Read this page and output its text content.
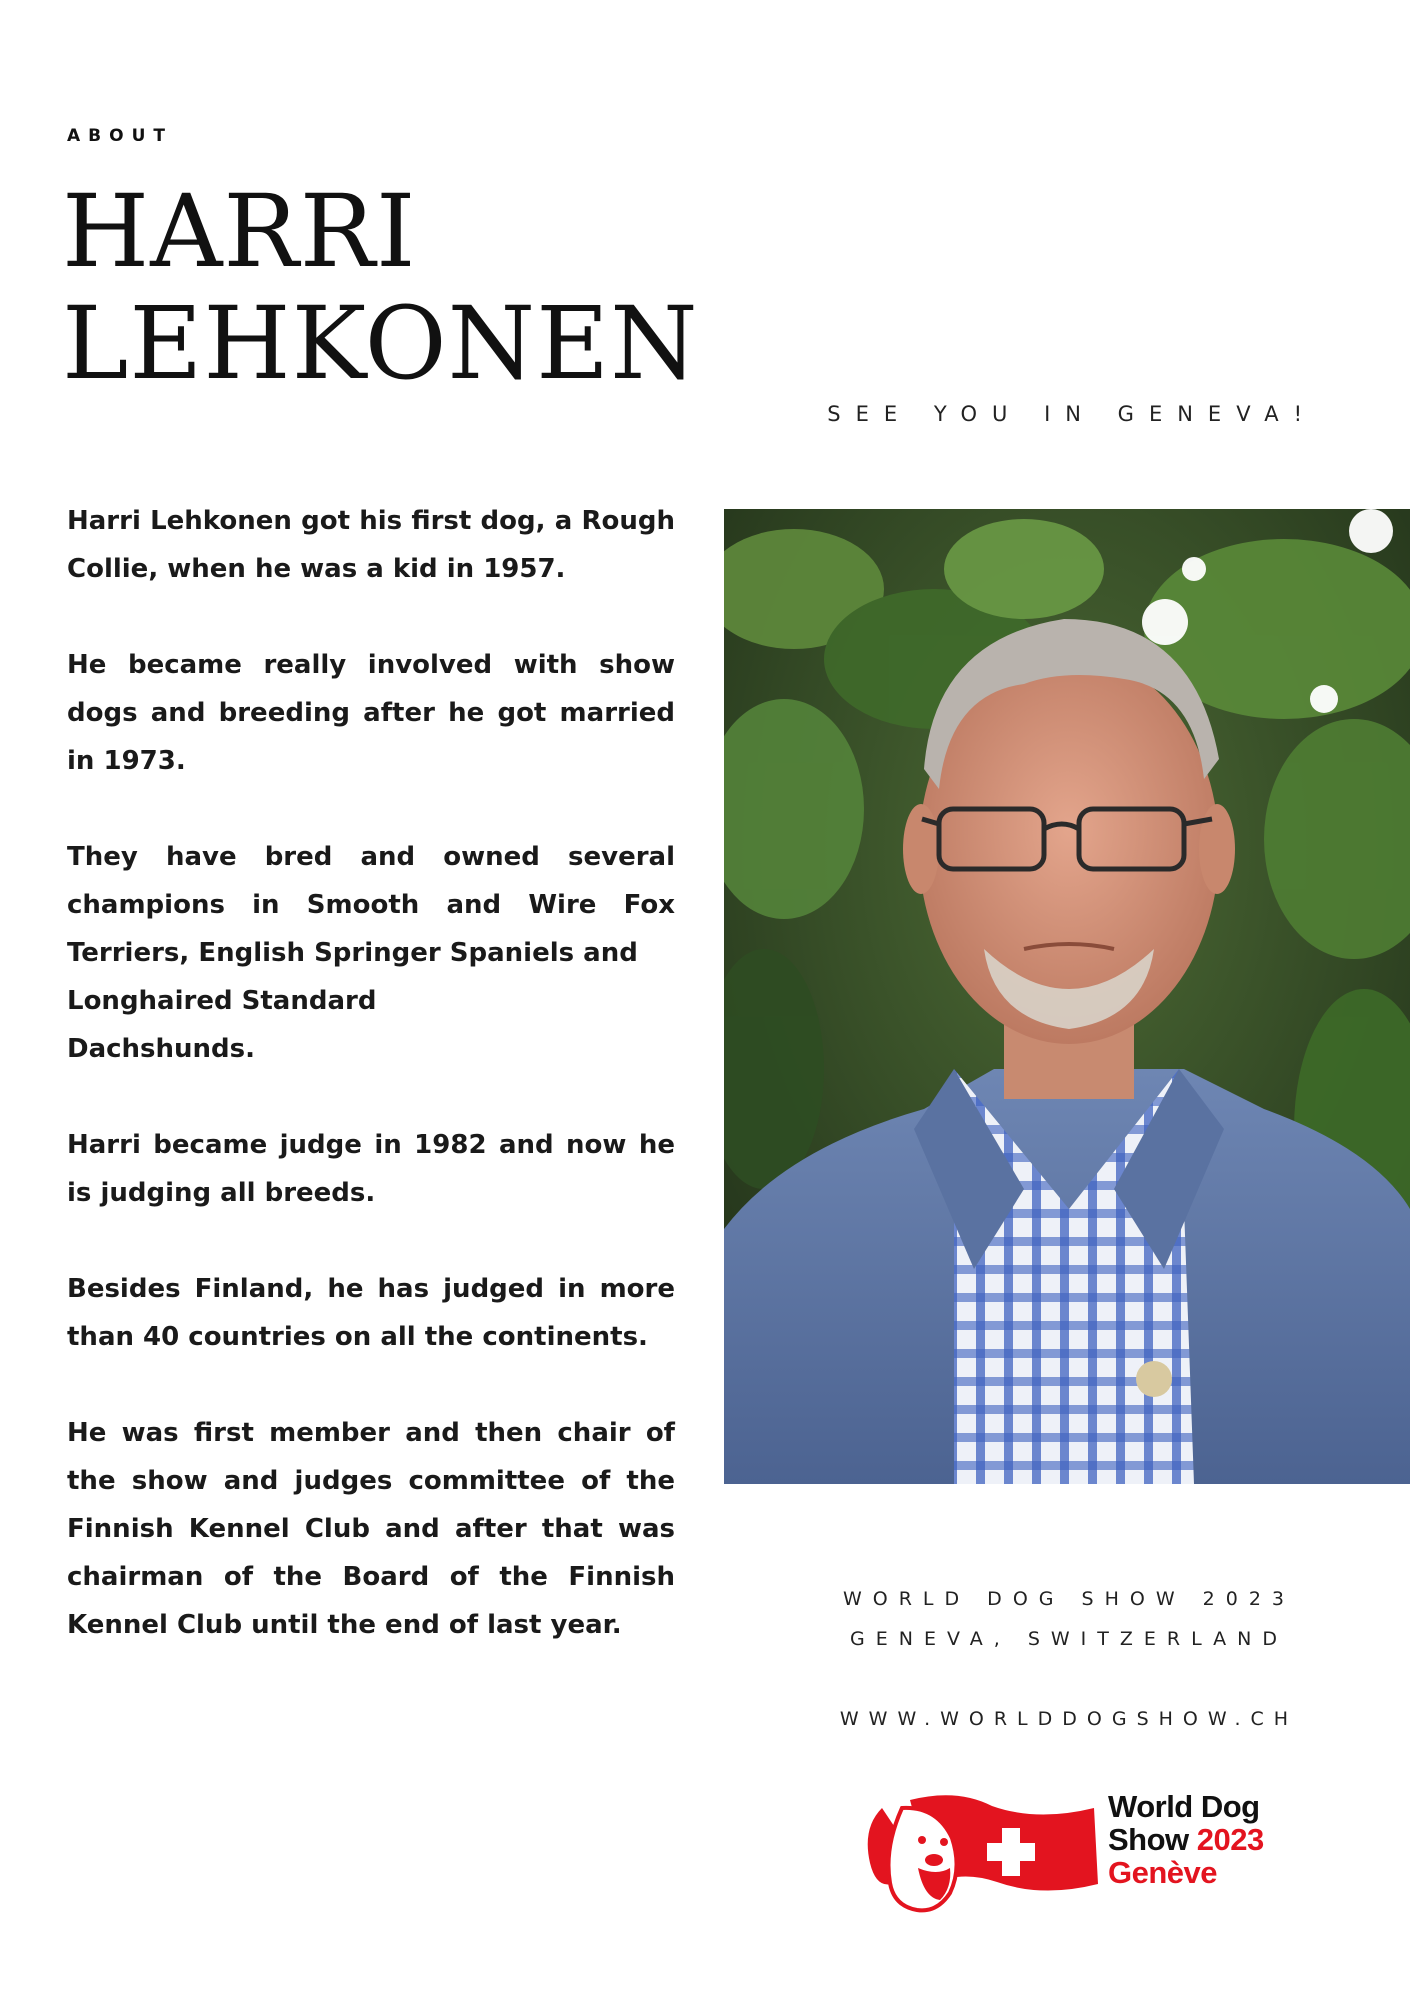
ABOUT
HARRI
LEHKONEN
SEE YOU IN GENEVA!

Harri Lehkonen got his first dog, a Rough Collie, when he was a kid in 1957.

He became really involved with show dogs and breeding after he got married in 1973.

They have bred and owned several champions in Smooth and Wire Fox Terriers, English Springer Spaniels and

Longhaired Standard

Dachshunds.

Harri became judge in 1982 and now he is judging all breeds.

Besides Finland, he has judged in more than 40 countries on all the continents.

He was first member and then chair of the show and judges committee of the Finnish Kennel Club and after that was chairman of the Board of the Finnish Kennel Club until the end of last year.

WORLD DOG SHOW 2023
GENEVA, SWITZERLAND
WWW.WORLDDOGSHOW.CH
World Dog
Show 2023
Genève
